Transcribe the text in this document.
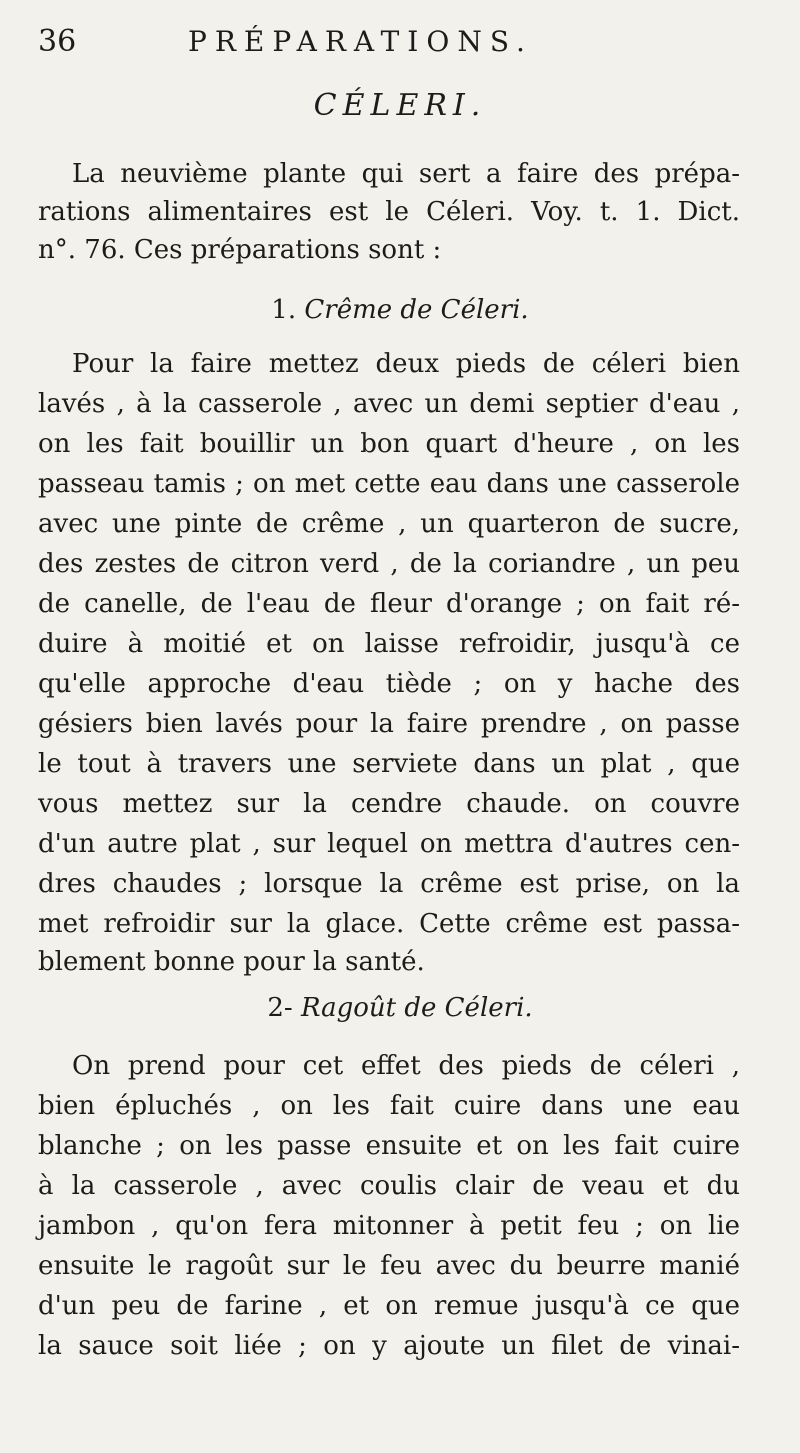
36	PRÉPARATIONS.
CÉLERI.
La neuvième plante qui sert a faire des prépa-
rations alimentaires est le Céleri. Voy. t. 1. Dict.
n°. 76. Ces préparations sont :
1. Crême de Céleri.
Pour la faire mettez deux pieds de céleri bien
lavés , à la casserole , avec un demi septier d'eau ,
on les fait bouillir un bon quart d'heure , on les
passeau tamis ; on met cette eau dans une casserole
avec une pinte de crême , un quarteron de sucre,
des zestes de citron verd , de la coriandre , un peu
de canelle, de l'eau de fleur d'orange ; on fait ré-
duire à moitié et on laisse refroidir, jusqu'à ce
qu'elle approche d'eau tiède ; on y hache des
gésiers bien lavés pour la faire prendre , on passe
le tout à travers une serviete dans un plat , que
vous mettez sur la cendre chaude. on couvre
d'un autre plat , sur lequel on mettra d'autres cen-
dres chaudes ; lorsque la crême est prise, on la
met refroidir sur la glace. Cette crême est passa-
blement bonne pour la santé.
2- Ragoût de Céleri.
On prend pour cet effet des pieds de céleri ,
bien épluchés , on les fait cuire dans une eau
blanche ; on les passe ensuite et on les fait cuire
à la casserole , avec coulis clair de veau et du
jambon , qu'on fera mitonner à petit feu ; on lie
ensuite le ragoût sur le feu avec du beurre manié
d'un peu de farine , et on remue jusqu'à ce que
la sauce soit liée ; on y ajoute un filet de vinai-
